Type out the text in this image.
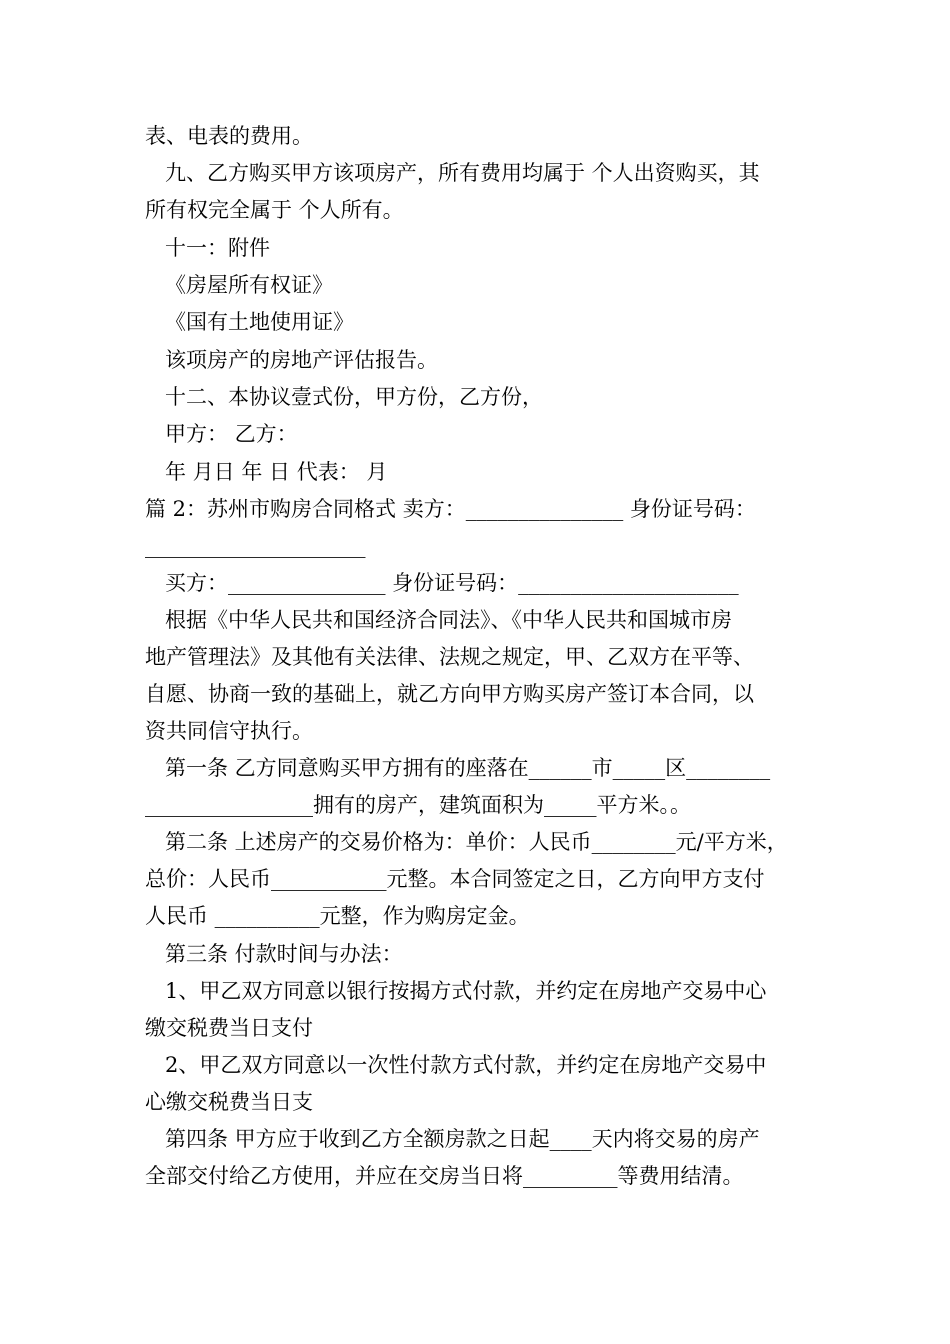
表、电表的费用。
九、乙方购买甲方该项房产，所有费用均属于 个人出资购买，其
所有权完全属于 个人所有。
十一：附件
《房屋所有权证》
《国有土地使用证》
该项房产的房地产评估报告。
十二、本协议壹式份，甲方份，乙方份，
甲方： 乙方：
年 月日 年 日 代表： 月
篇 2：苏州市购房合同格式 卖方：_______________ 身份证号码：
_____________________
买方：_______________ 身份证号码：_____________________
根据《中华人民共和国经济合同法》、《中华人民共和国城市房
地产管理法》及其他有关法律、法规之规定，甲、乙双方在平等、
自愿、协商一致的基础上，就乙方向甲方购买房产签订本合同，以
资共同信守执行。
第一条 乙方同意购买甲方拥有的座落在______市_____区________
________________拥有的房产，建筑面积为_____平方米。。
第二条 上述房产的交易价格为：单价：人民币________元/平方米，
总价：人民币___________元整。本合同签定之日，乙方向甲方支付
人民币 __________元整，作为购房定金。
第三条 付款时间与办法：
1、甲乙双方同意以银行按揭方式付款，并约定在房地产交易中心
缴交税费当日支付
2、甲乙双方同意以一次性付款方式付款，并约定在房地产交易中
心缴交税费当日支
第四条 甲方应于收到乙方全额房款之日起____天内将交易的房产
全部交付给乙方使用，并应在交房当日将_________等费用结清。
